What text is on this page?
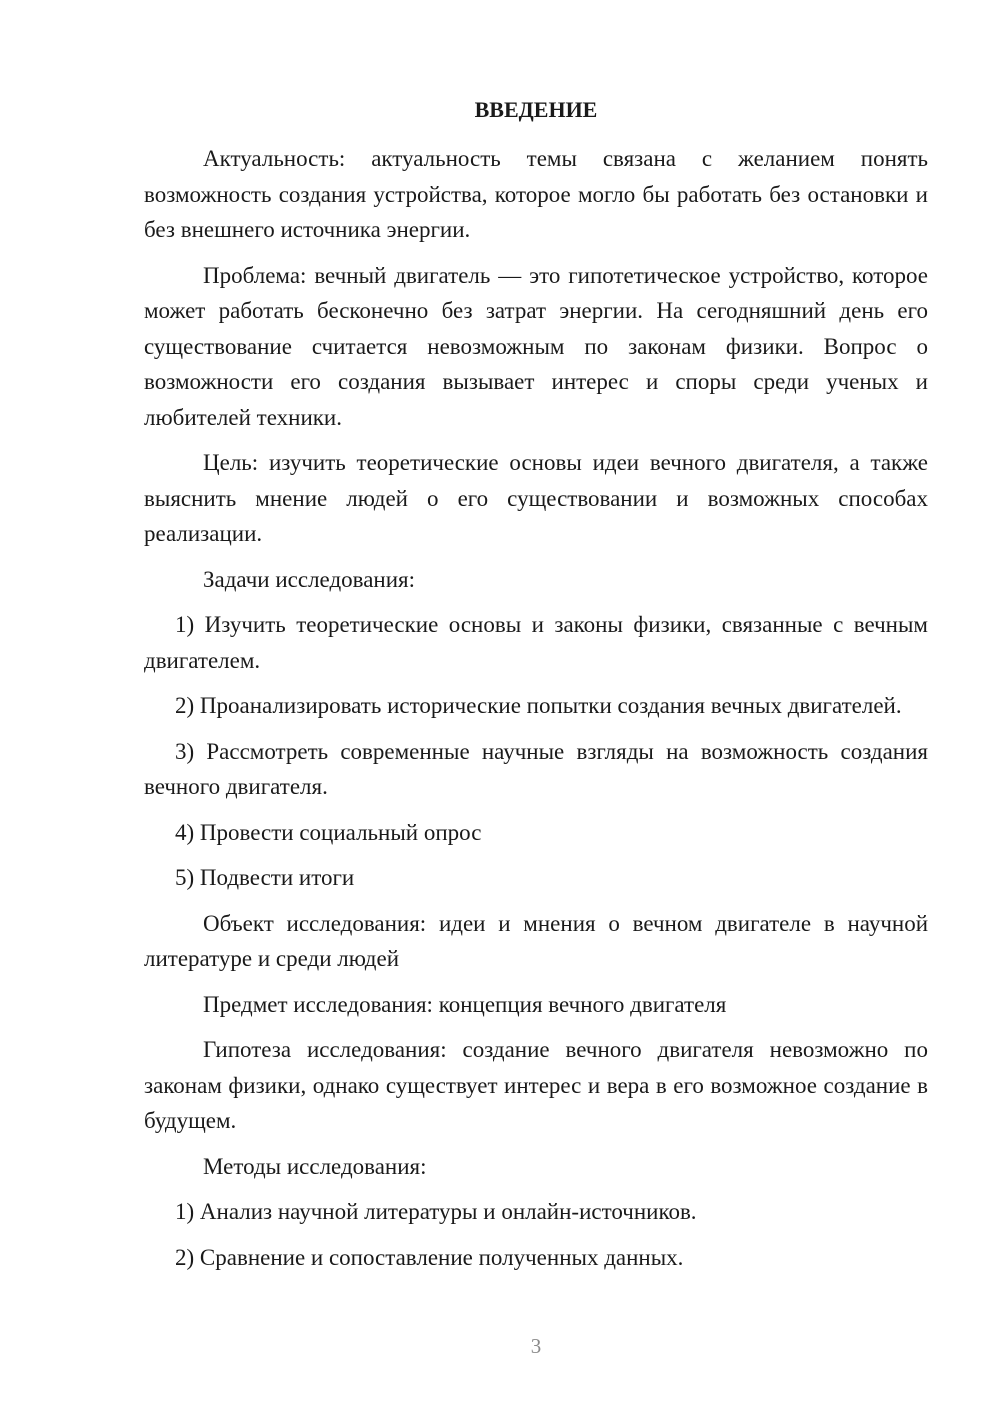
ВВЕДЕНИЕ

Актуальность: актуальность темы связана с желанием понять возможность создания устройства, которое могло бы работать без остановки и без внешнего источника энергии.

Проблема: вечный двигатель — это гипотетическое устройство, которое может работать бесконечно без затрат энергии. На сегодняшний день его существование считается невозможным по законам физики. Вопрос о возможности его создания вызывает интерес и споры среди ученых и любителей техники.

Цель: изучить теоретические основы идеи вечного двигателя, а также выяснить мнение людей о его существовании и возможных способах реализации.

Задачи исследования:

1) Изучить теоретические основы и законы физики, связанные с вечным двигателем.

2) Проанализировать исторические попытки создания вечных двигателей.

3) Рассмотреть современные научные взгляды на возможность создания вечного двигателя.

4) Провести социальный опрос

5) Подвести итоги

Объект исследования: идеи и мнения о вечном двигателе в научной литературе и среди людей

Предмет исследования: концепция вечного двигателя

Гипотеза исследования: создание вечного двигателя невозможно по законам физики, однако существует интерес и вера в его возможное создание в будущем.

Методы исследования:

1) Анализ научной литературы и онлайн-источников.

2) Сравнение и сопоставление полученных данных.

3
